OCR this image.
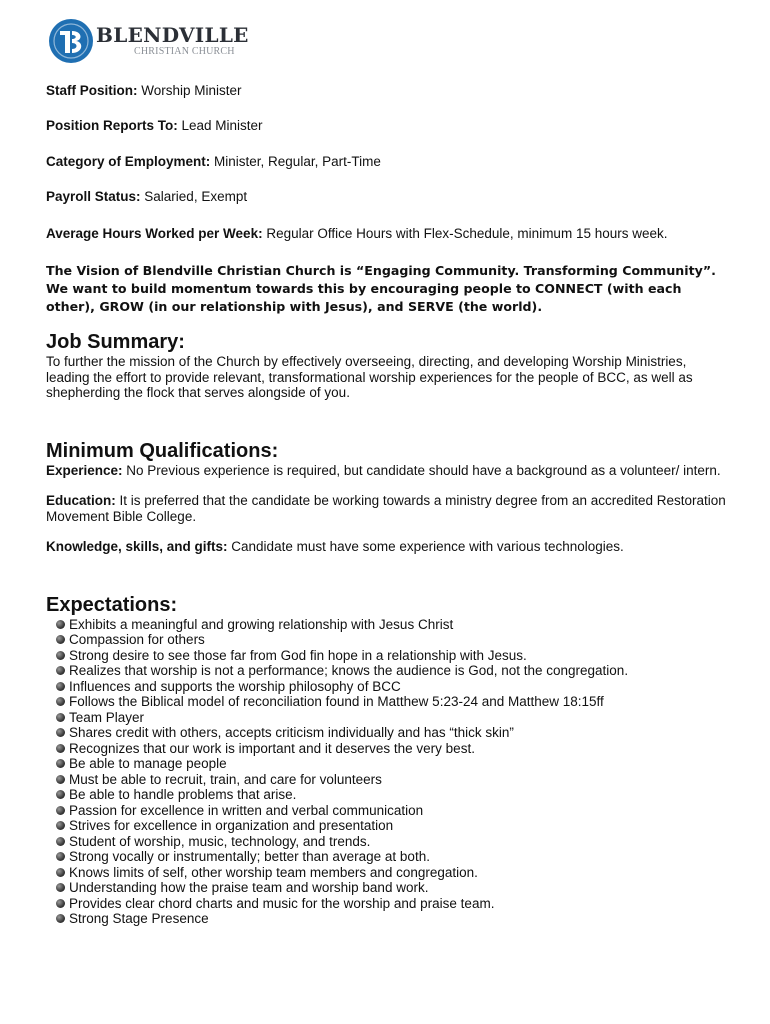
BLENDVILLE
CHRISTIAN CHURCH

Staff Position: Worship Minister

Position Reports To: Lead Minister

Category of Employment: Minister, Regular, Part-Time

Payroll Status: Salaried, Exempt

Average Hours Worked per Week: Regular Office Hours with Flex-Schedule, minimum 15 hours week.

The Vision of Blendville Christian Church is “Engaging Community. Transforming Community”. We want to build momentum towards this by encouraging people to CONNECT (with each other), GROW (in our relationship with Jesus), and SERVE (the world).

Job Summary:

To further the mission of the Church by effectively overseeing, directing, and developing Worship Ministries, leading the effort to provide relevant, transformational worship experiences for the people of BCC, as well as shepherding the flock that serves alongside of you.

Minimum Qualifications:

Experience: No Previous experience is required, but candidate should have a background as a volunteer/ intern.

Education: It is preferred that the candidate be working towards a ministry degree from an accredited Restoration Movement Bible College.

Knowledge, skills, and gifts: Candidate must have some experience with various technologies.

Expectations:
Exhibits a meaningful and growing relationship with Jesus Christ
Compassion for others
Strong desire to see those far from God fin hope in a relationship with Jesus.
Realizes that worship is not a performance; knows the audience is God, not the congregation.
Influences and supports the worship philosophy of BCC
Follows the Biblical model of reconciliation found in Matthew 5:23-24 and Matthew 18:15ff
Team Player
Shares credit with others, accepts criticism individually and has “thick skin”
Recognizes that our work is important and it deserves the very best.
Be able to manage people
Must be able to recruit, train, and care for volunteers
Be able to handle problems that arise.
Passion for excellence in written and verbal communication
Strives for excellence in organization and presentation
Student of worship, music, technology, and trends.
Strong vocally or instrumentally; better than average at both.
Knows limits of self, other worship team members and congregation.
Understanding how the praise team and worship band work.
Provides clear chord charts and music for the worship and praise team.
Strong Stage Presence
